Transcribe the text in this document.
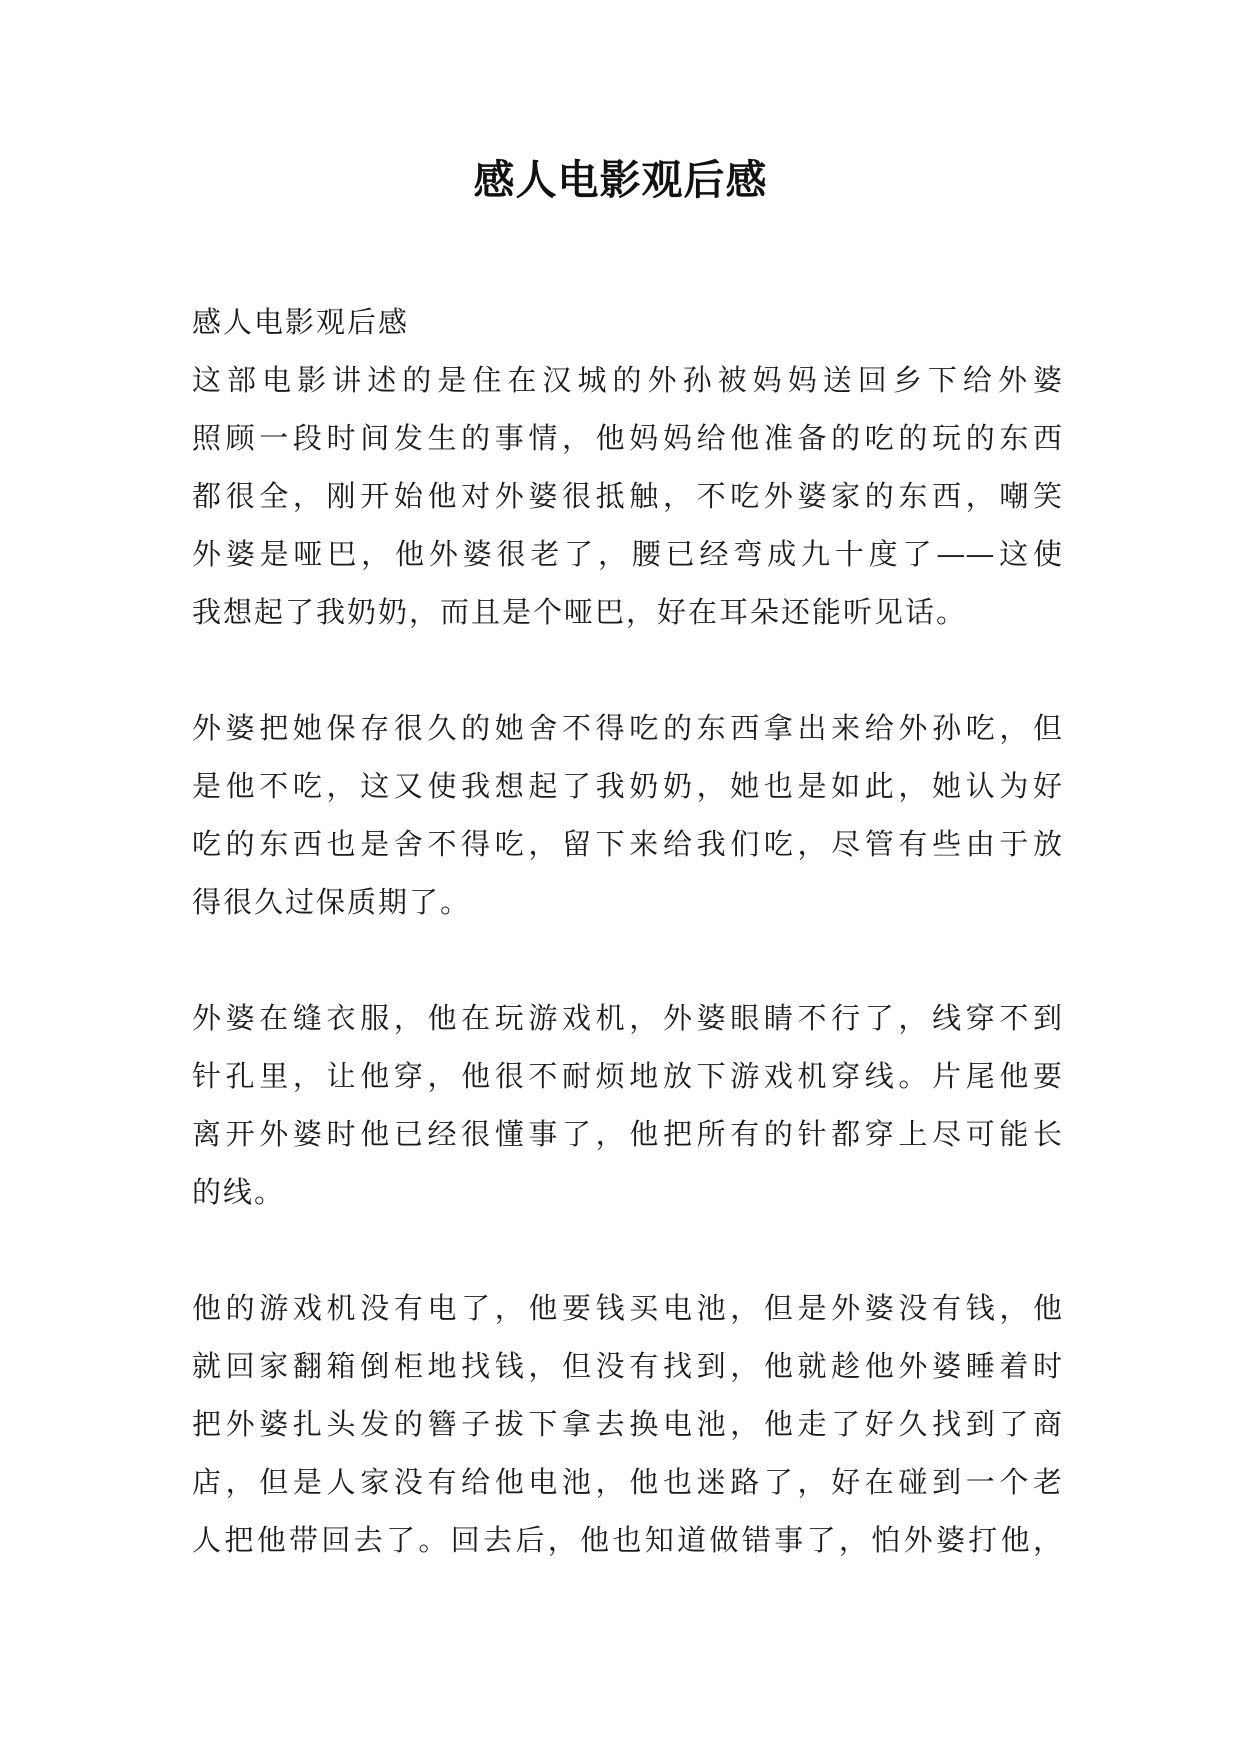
感人电影观后感
感人电影观后感
这部电影讲述的是住在汉城的外孙被妈妈送回乡下给外婆
照顾一段时间发生的事情，他妈妈给他准备的吃的玩的东西
都很全，刚开始他对外婆很抵触，不吃外婆家的东西，嘲笑
外婆是哑巴，他外婆很老了，腰已经弯成九十度了——这使
我想起了我奶奶，而且是个哑巴，好在耳朵还能听见话。
外婆把她保存很久的她舍不得吃的东西拿出来给外孙吃，但
是他不吃，这又使我想起了我奶奶，她也是如此，她认为好
吃的东西也是舍不得吃，留下来给我们吃，尽管有些由于放
得很久过保质期了。
外婆在缝衣服，他在玩游戏机，外婆眼睛不行了，线穿不到
针孔里，让他穿，他很不耐烦地放下游戏机穿线。片尾他要
离开外婆时他已经很懂事了，他把所有的针都穿上尽可能长
的线。
他的游戏机没有电了，他要钱买电池，但是外婆没有钱，他
就回家翻箱倒柜地找钱，但没有找到，他就趁他外婆睡着时
把外婆扎头发的簪子拔下拿去换电池，他走了好久找到了商
店，但是人家没有给他电池，他也迷路了，好在碰到一个老
人把他带回去了。回去后，他也知道做错事了，怕外婆打他，
